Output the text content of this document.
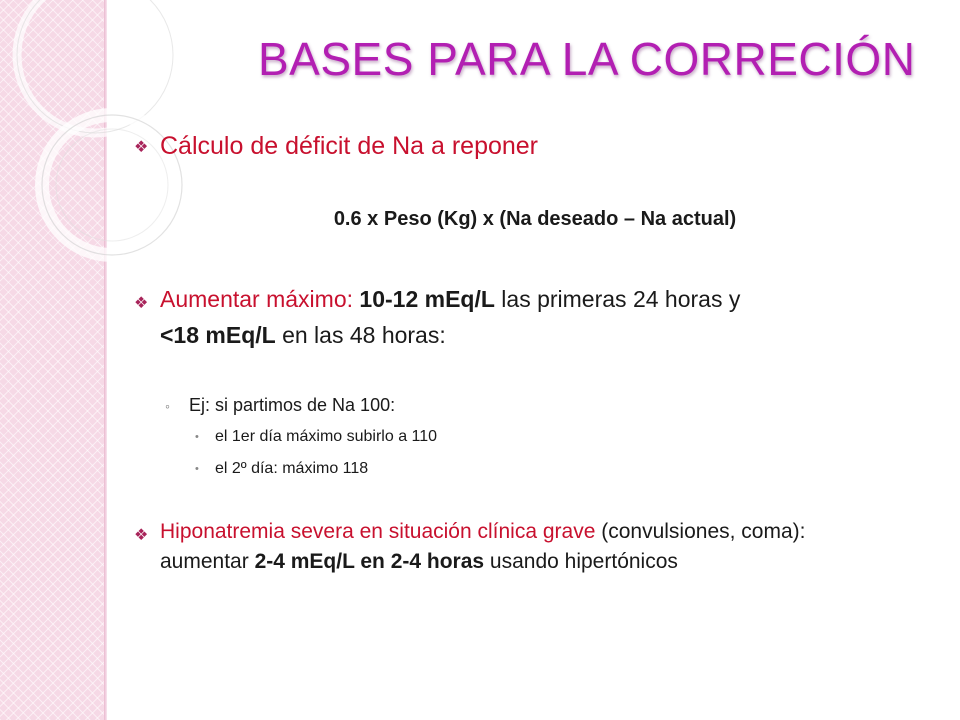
BASES PARA LA CORRECIÓN
❖ Cálculo de déficit de Na a reponer
0.6 x Peso (Kg) x (Na deseado – Na actual)
❖ Aumentar máximo: 10-12 mEq/L las primeras 24 horas y
<18 mEq/L en las 48 horas:
◦ Ej: si partimos de Na 100:
• el 1er día máximo subirlo a 110
• el 2º día: máximo 118
❖ Hiponatremia severa en situación clínica grave (convulsiones, coma):
aumentar 2-4 mEq/L en 2-4 horas usando hipertónicos
